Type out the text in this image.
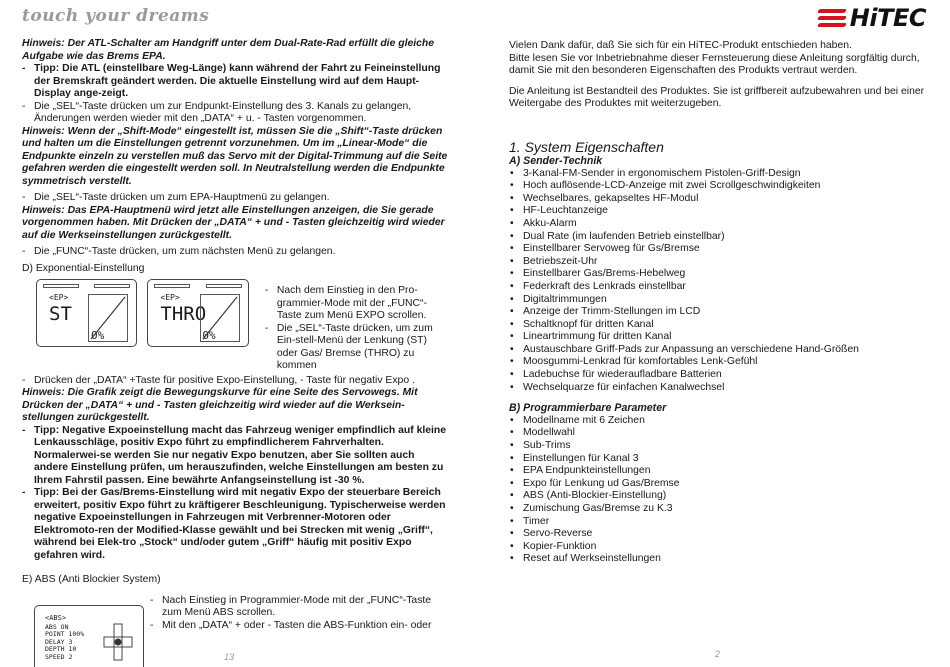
touch your dreams

Hinweis: Der ATL-Schalter am Handgriff unter dem Dual-Rate-Rad erfüllt die gleiche Aufgabe wie das Brems EPA.

- Tipp: Die ATL (einstellbare Weg-Länge) kann während der Fahrt zu Feineinstellung der Bremskraft geändert werden. Die aktuelle Einstellung wird auf dem Haupt-Display ange-zeigt.

- Die „SEL“-Taste drücken um zur Endpunkt-Einstellung des 3. Kanals zu gelangen, Änderungen werden wieder mit den „DATA“ + u. - Tasten vorgenommen.

Hinweis: Wenn der „Shift-Mode“ eingestellt ist, müssen Sie die „Shift“-Taste drücken und halten um die Einstellungen getrennt vorzunehmen. Um im „Linear-Mode“ die Endpunkte einzeln zu verstellen muß das Servo mit der Digital-Trimmung auf die Seite gefahren werden die eingestellt werden soll. In Neutralstellung werden die Endpunkte symmetrisch verstellt.

- Die „SEL“-Taste drücken um zum EPA-Hauptmenü zu gelangen.

Hinweis: Das EPA-Hauptmenü wird jetzt alle Einstellungen anzeigen, die Sie gerade vorgenommen haben. Mit Drücken der „DATA“ + und - Tasten gleichzeitig wird wieder auf die Werkseinstellungen zurückgestellt.

- Die „FUNC“-Taste drücken, um zum nächsten Menü zu gelangen.

D) Exponential-Einstellung

<EP>
ST
0%
<EP>
THRO
0%

- Nach dem Einstieg in den Pro-grammier-Mode mit der „FUNC“-Taste zum Menü EXPO scrollen.

- Die „SEL“-Taste drücken, um zum Ein-stell-Menü der Lenkung (ST) oder Gas/ Bremse (THRO) zu kommen

- Drücken der „DATA“ +Taste für positive Expo-Einstellung, - Taste für negativ Expo .

Hinweis: Die Grafik zeigt die Bewegungskurve für eine Seite des Servowegs. Mit Drücken der „DATA“ + und - Tasten gleichzeitig wird wieder auf die Werksein-stellungen zurückgestellt.

- Tipp: Negative Expoeinstellung macht das Fahrzeug weniger empfindlich auf kleine Lenkausschläge, positiv Expo führt zu empfindlicherem Fahrverhalten. Normalerwei-se werden Sie nur negativ Expo benutzen, aber Sie sollten auch andere Einstellung prüfen, um herauszufinden, welche Einstellungen am besten zu Ihrem Fahrstil passen. Eine bewährte Anfangseinstellung ist -30 %.

- Tipp: Bei der Gas/Brems-Einstellung wird mit negativ Expo der steuerbare Bereich erweitert, positiv Expo führt zu kräftigerer Beschleunigung. Typischerweise werden negative Expoeinstellungen in Fahrzeugen mit Verbrenner-Motoren oder Elektromoto-ren der Modified-Klasse gewählt und bei Strecken mit wenig „Griff“, während bei Elek-tro „Stock“ und/oder gutem „Griff“ häufig mit positiv Expo gefahren wird.

E) ABS (Anti Blockier System)

<ABS>
ABS ON
POINT 100%
DELAY 3
DEPTH 10
SPEED 2

- Nach Einstieg in Programmier-Mode mit der „FUNC“-Taste zum Menü ABS scrollen.

- Mit den „DATA“ + oder - Tasten die ABS-Funktion ein- oder

13
HiTEC

Vielen Dank dafür, daß Sie sich für ein HiTEC-Produkt entschieden haben.

Bitte lesen Sie vor Inbetriebnahme dieser Fernsteuerung diese Anleitung sorgfältig durch, damit Sie mit den besonderen Eigenschaften des Produkts vertraut werden.

Die Anleitung ist Bestandteil des Produktes. Sie ist griffbereit aufzubewahren und bei einer Weitergabe des Produktes mit weiterzugeben.

1. System Eigenschaften
A) Sender-Technik
• 3-Kanal-FM-Sender in ergonomischem Pistolen-Griff-Design
• Hoch auflösende-LCD-Anzeige mit zwei Scrollgeschwindigkeiten
• Wechselbares, gekapseltes HF-Modul
• HF-Leuchtanzeige
• Akku-Alarm
• Dual Rate (im laufenden Betrieb einstellbar)
• Einstellbarer Servoweg für Gs/Bremse
• Betriebszeit-Uhr
• Einstellbarer Gas/Brems-Hebelweg
• Federkraft des Lenkrads einstellbar
• Digitaltrimmungen
• Anzeige der Trimm-Stellungen im LCD
• Schaltknopf für dritten Kanal
• Lineartrimmung für dritten Kanal
• Austauschbare Griff-Pads zur Anpassung an verschiedene Hand-Größen
• Moosgummi-Lenkrad für komfortables Lenk-Gefühl
• Ladebuchse für wiederaufladbare Batterien
• Wechselquarze für einfachen Kanalwechsel
B) Programmierbare Parameter
• Modellname mit 6 Zeichen
• Modellwahl
• Sub-Trims
• Einstellungen für Kanal 3
• EPA Endpunkteinstellungen
• Expo für Lenkung ud Gas/Bremse
• ABS (Anti-Blockier-Einstellung)
• Zumischung Gas/Bremse zu K.3
• Timer
• Servo-Reverse
• Kopier-Funktion
• Reset auf Werkseinstellungen
2
